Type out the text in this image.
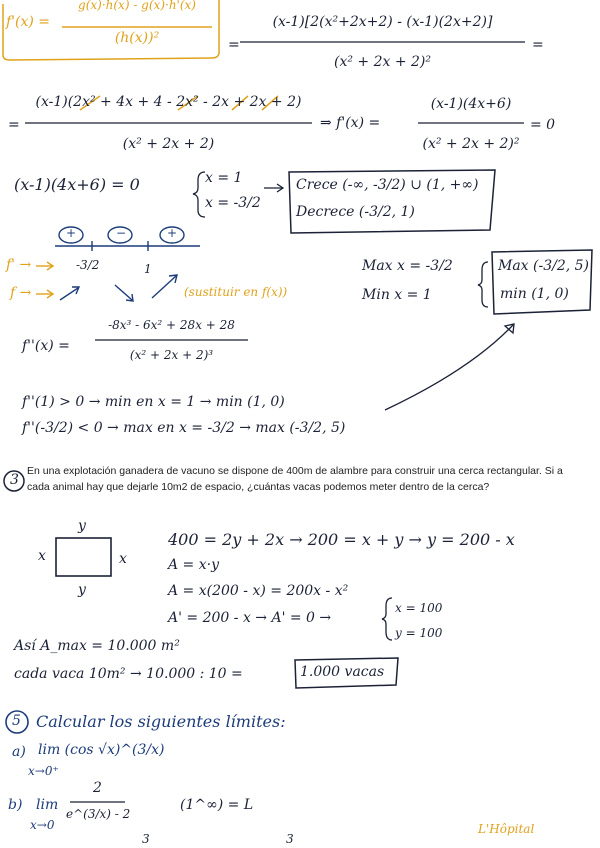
f'(x) =
g(x)·h(x) - g(x)·h'(x)
(h(x))²	=
(x-1)[2(x²+2x+2) - (x-1)(2x+2)]
(x² + 2x + 2)²
=
=
(x-1)(2x² + 4x + 4 - 2x² - 2x + 2x + 2)
(x² + 2x + 2)
⇒ f'(x) =
(x-1)(4x+6)
(x² + 2x + 2)²
= 0
(x-1)(4x+6) = 0	x = 1
x = -3/2
Crece (-∞, -3/2) ∪ (1, +∞)
Decrece (-3/2, 1)
+	−	+
f' →
f →
-3/2	1
(sustituir en f(x))
Max x = -3/2
Min x = 1
Max (-3/2, 5)
min (1, 0)
f''(x) =
-8x³ - 6x² + 28x + 28
(x² + 2x + 2)³
f''(1) > 0 → min en x = 1 → min (1, 0)
f''(-3/2) < 0 → max en x = -3/2 → max (-3/2, 5)
3
En una explotación ganadera de vacuno se dispone de 400m de alambre para construir una cerca rectangular. Si a cada animal hay que dejarle 10m2 de espacio, ¿cuántas vacas podemos meter dentro de la cerca?
y
y
x	x
400 = 2y + 2x → 200 = x + y → y = 200 - x
A = x·y
A = x(200 - x) = 200x - x²
A' = 200 - x → A' = 0 →
x = 100
y = 100
Así A_max = 10.000 m²
cada vaca 10m² → 10.000 : 10 =	1.000 vacas
5 Calcular los siguientes límites:
a) lim (cos √x)^(3/x)
x→0⁺
b) lim
x→0
2
e^(3/x) - 2
(1^∞) = L
L'Hôpital
3	3
